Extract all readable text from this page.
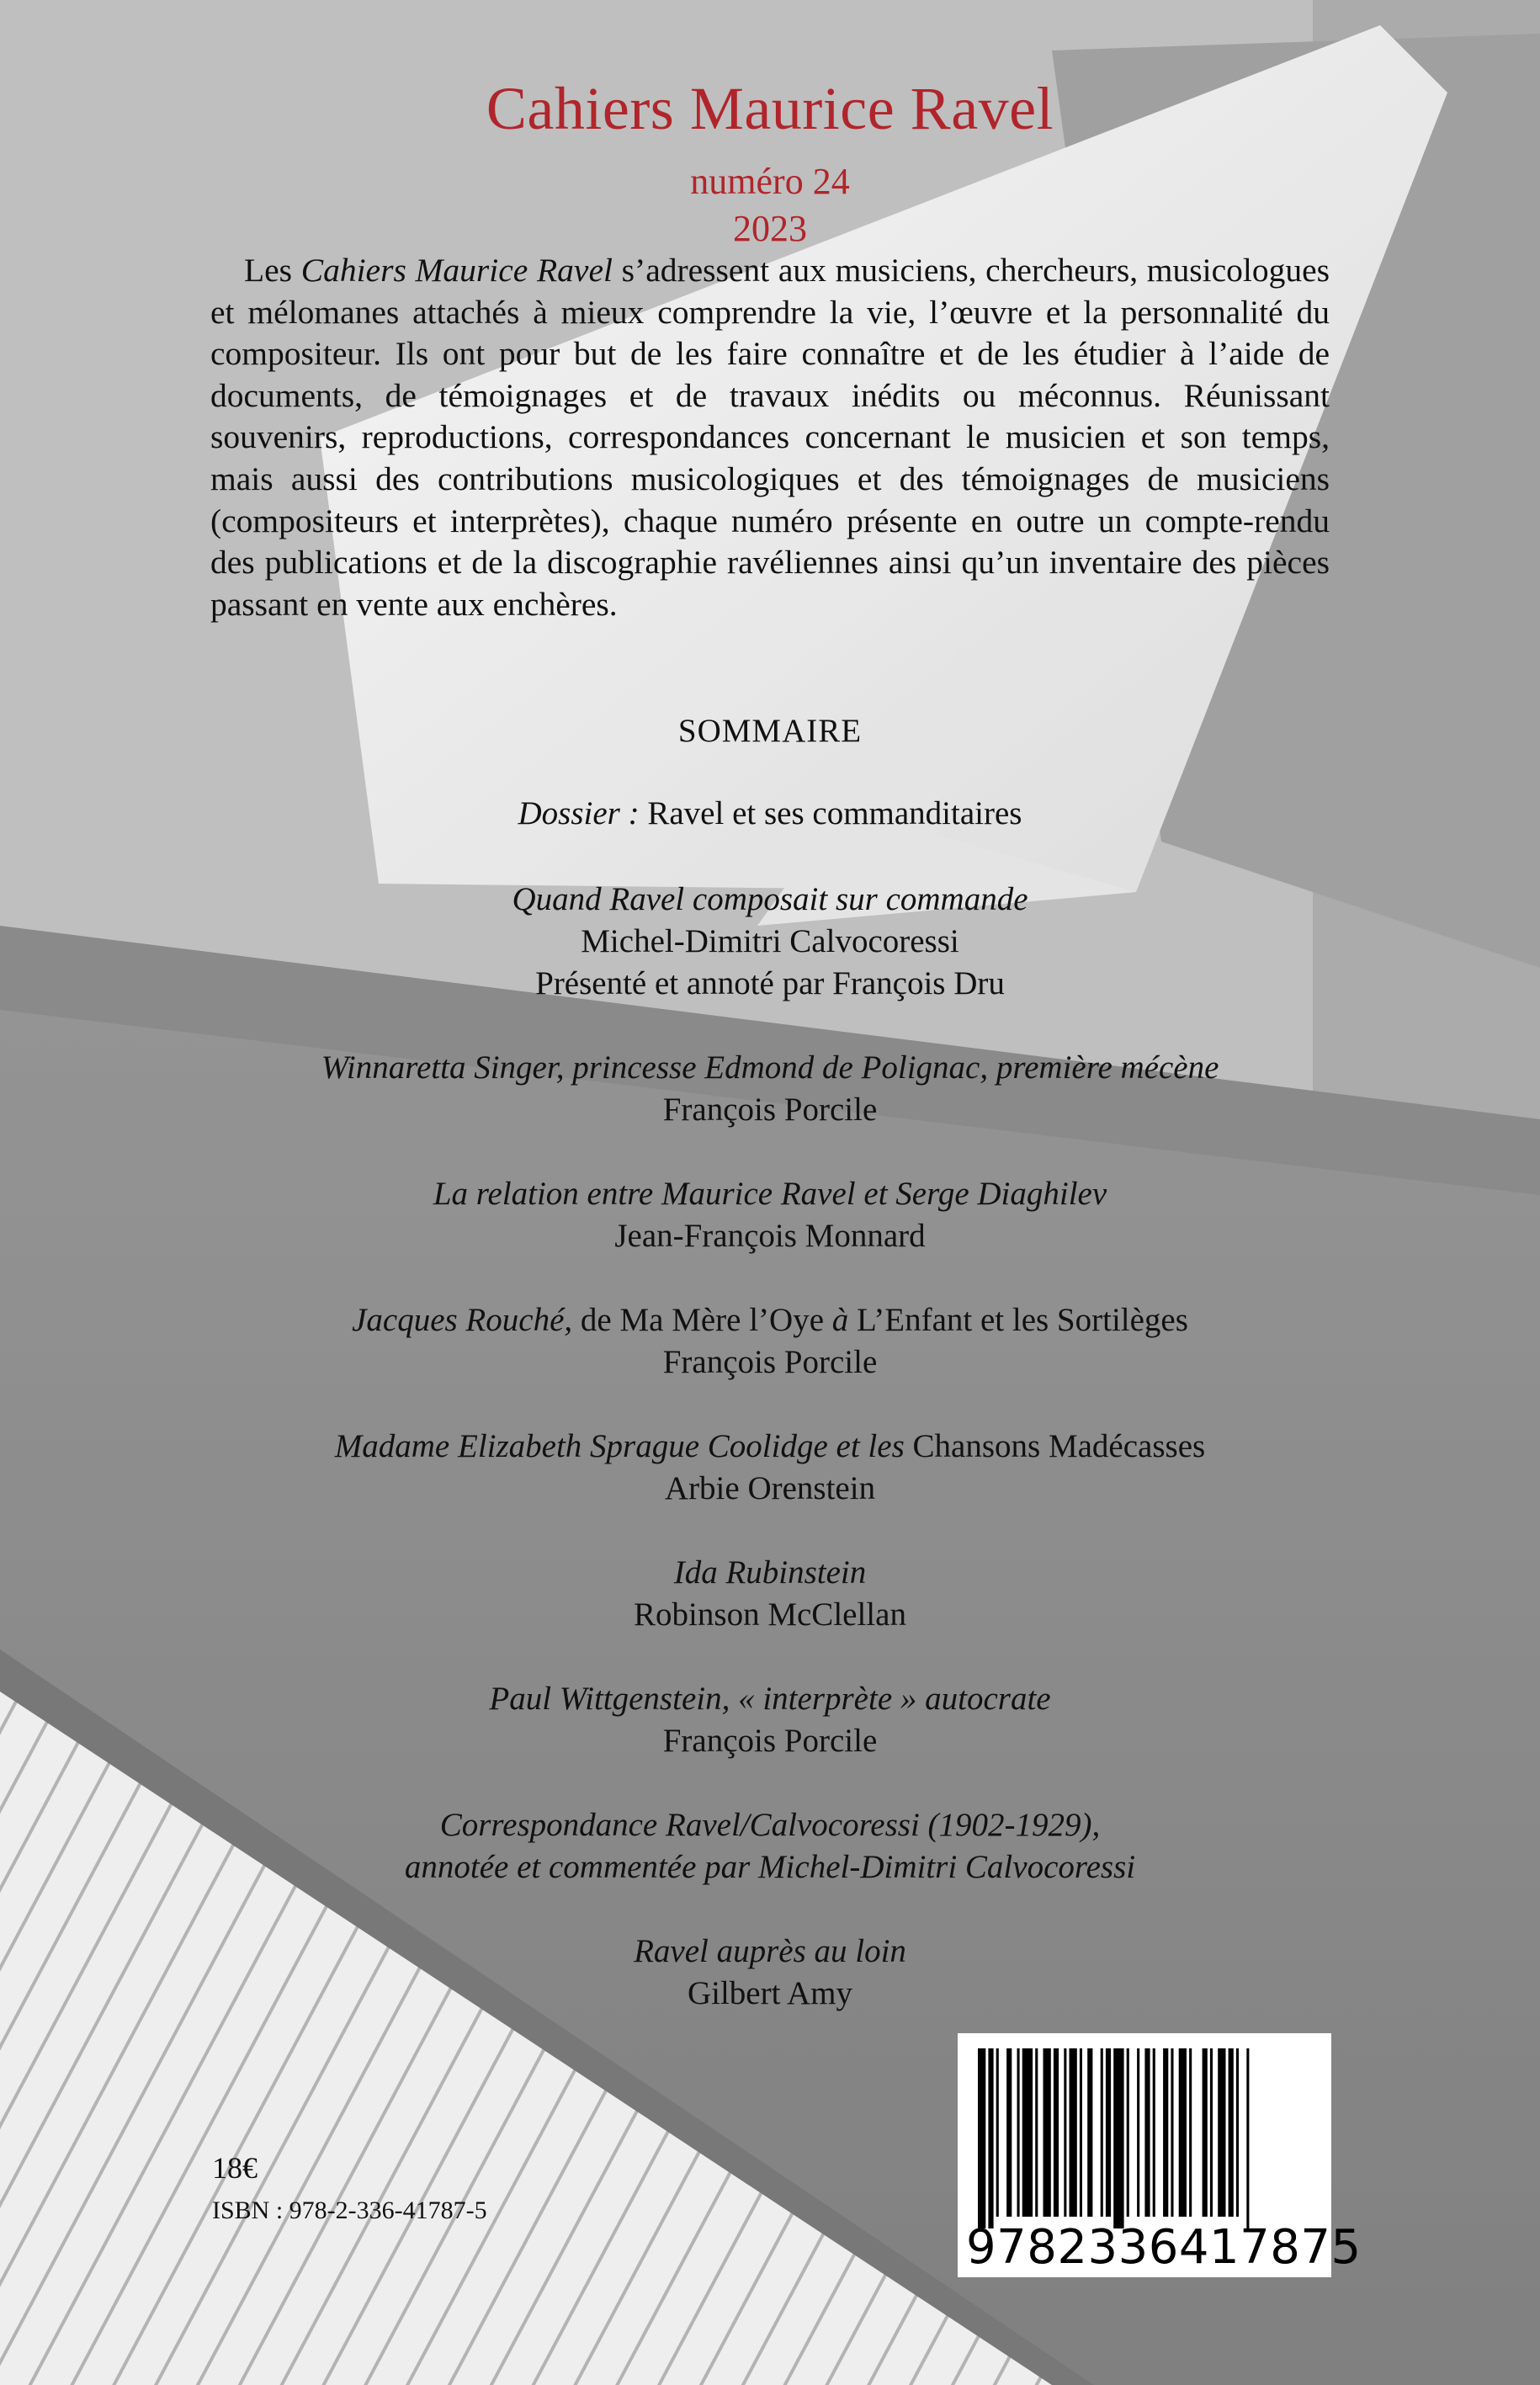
Cahiers Maurice Ravel
numéro 24
2023
Les Cahiers Maurice Ravel s’adressent aux musiciens, chercheurs, musicologues et mélomanes attachés à mieux comprendre la vie, l’œuvre et la personnalité du compositeur. Ils ont pour but de les faire connaître et de les étudier à l’aide de documents, de témoignages et de travaux inédits ou méconnus. Réunissant souvenirs, reproductions, correspondances concernant le musicien et son temps, mais aussi des contributions musicologiques et des témoignages de musiciens (compositeurs et interprètes), chaque numéro présente en outre un compte-rendu des publications et de la discographie ravéliennes ainsi qu’un inventaire des pièces passant en vente aux enchères.
SOMMAIRE
Dossier : Ravel et ses commanditaires
Quand Ravel composait sur commande
Michel-Dimitri Calvocoressi
Présenté et annoté par François Dru
Winnaretta Singer, princesse Edmond de Polignac, première mécène
François Porcile
La relation entre Maurice Ravel et Serge Diaghilev
Jean-François Monnard
Jacques Rouché, de Ma Mère l’Oye à L’Enfant et les Sortilèges
François Porcile
Madame Elizabeth Sprague Coolidge et les Chansons Madécasses
Arbie Orenstein
Ida Rubinstein
Robinson McClellan
Paul Wittgenstein, « interprète » autocrate
François Porcile
Correspondance Ravel/Calvocoressi (1902-1929),
annotée et commentée par Michel-Dimitri Calvocoressi
Ravel auprès au loin
Gilbert Amy
18€
ISBN : 978-2-336-41787-5
9782336417875
